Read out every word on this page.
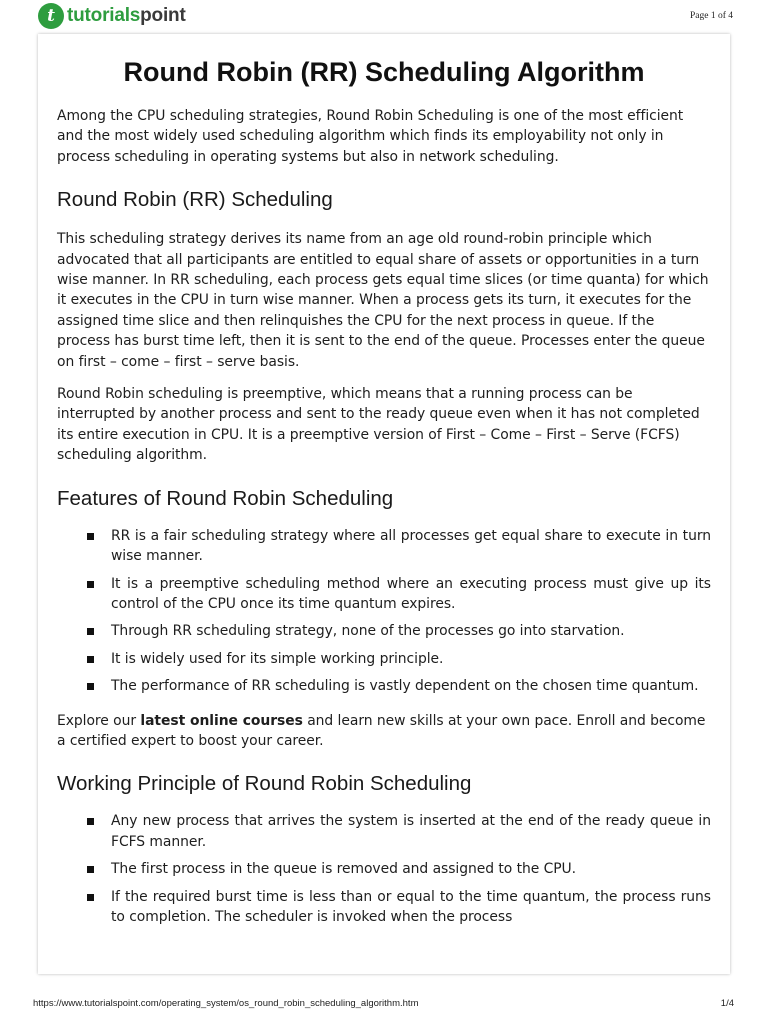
t tutorialspoint	Page 1 of 4
Round Robin (RR) Scheduling Algorithm

Among the CPU scheduling strategies, Round Robin Scheduling is one of the most efficient and the most widely used scheduling algorithm which finds its employability not only in process scheduling in operating systems but also in network scheduling.

Round Robin (RR) Scheduling

This scheduling strategy derives its name from an age old round-robin principle which advocated that all participants are entitled to equal share of assets or opportunities in a turn wise manner. In RR scheduling, each process gets equal time slices (or time quanta) for which it executes in the CPU in turn wise manner. When a process gets its turn, it executes for the assigned time slice and then relinquishes the CPU for the next process in queue. If the process has burst time left, then it is sent to the end of the queue. Processes enter the queue on first – come – first – serve basis.

Round Robin scheduling is preemptive, which means that a running process can be interrupted by another process and sent to the ready queue even when it has not completed its entire execution in CPU. It is a preemptive version of First – Come – First – Serve (FCFS) scheduling algorithm.

Features of Round Robin Scheduling
RR is a fair scheduling strategy where all processes get equal share to execute in turn wise manner.
It is a preemptive scheduling method where an executing process must give up its control of the CPU once its time quantum expires.
Through RR scheduling strategy, none of the processes go into starvation.
It is widely used for its simple working principle.
The performance of RR scheduling is vastly dependent on the chosen time quantum.

Explore our latest online courses and learn new skills at your own pace. Enroll and become a certified expert to boost your career.

Working Principle of Round Robin Scheduling
Any new process that arrives the system is inserted at the end of the ready queue in FCFS manner.
The first process in the queue is removed and assigned to the CPU.
If the required burst time is less than or equal to the time quantum, the process runs to completion. The scheduler is invoked when the process
https://www.tutorialspoint.com/operating_system/os_round_robin_scheduling_algorithm.htm	1/4
